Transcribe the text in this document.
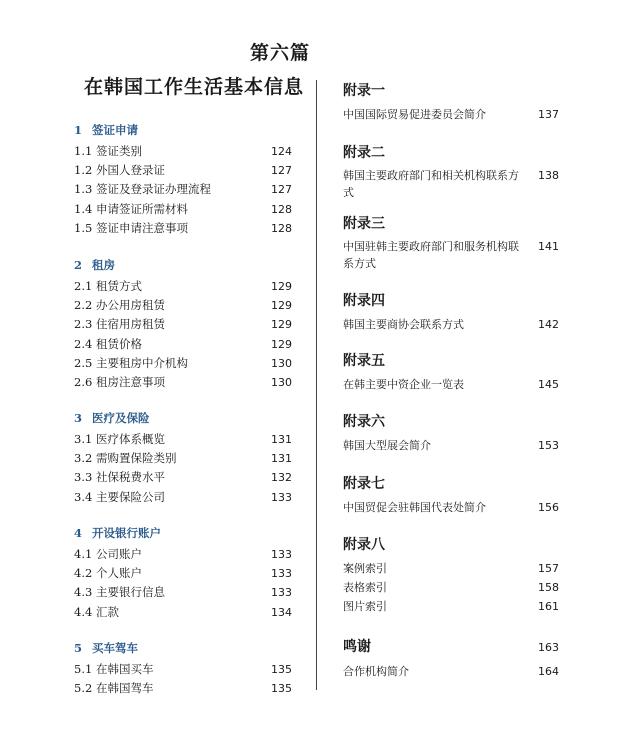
第六篇
在韩国工作生活基本信息
1 签证申请
1.1 签证类别	124
1.2 外国人登录证	127
1.3 签证及登录证办理流程	127
1.4 申请签证所需材料	128
1.5 签证申请注意事项	128
2 租房
2.1 租赁方式	129
2.2 办公用房租赁	129
2.3 住宿用房租赁	129
2.4 租赁价格	129
2.5 主要租房中介机构	130
2.6 租房注意事项	130
3 医疗及保险
3.1 医疗体系概览	131
3.2 需购置保险类别	131
3.3 社保税费水平	132
3.4 主要保险公司	133
4 开设银行账户
4.1 公司账户	133
4.2 个人账户	133
4.3 主要银行信息	133
4.4 汇款	134
5 买车驾车
5.1 在韩国买车	135
5.2 在韩国驾车	135
附录一
中国国际贸易促进委员会简介	137
附录二
韩国主要政府部门和相关机构联系方式
138
附录三
中国驻韩主要政府部门和服务机构联系方式
141
附录四
韩国主要商协会联系方式	142
附录五
在韩主要中资企业一览表	145
附录六
韩国大型展会简介	153
附录七
中国贸促会驻韩国代表处简介	156
附录八
案例索引	157
表格索引	158
图片索引	161
鸣谢	163
合作机构简介	164
